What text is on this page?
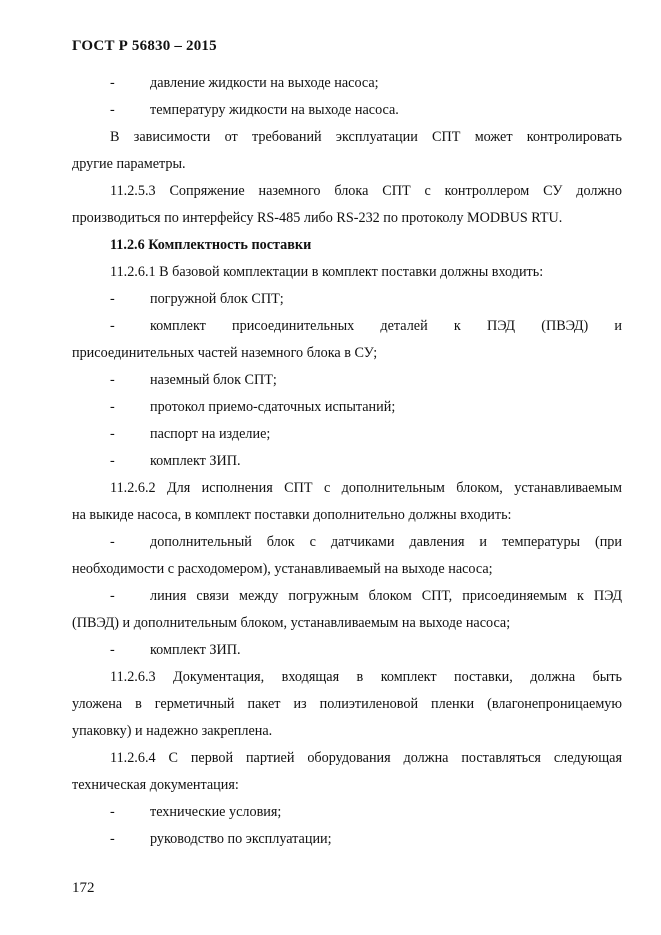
ГОСТ Р 56830 – 2015
- давление жидкости на выходе насоса;
- температуру жидкости на выходе насоса.
В зависимости от требований эксплуатации СПТ может контролировать
другие параметры.
11.2.5.3 Сопряжение наземного блока СПТ с контроллером СУ должно
производиться по интерфейсу RS-485 либо RS-232 по протоколу MODBUS RTU.
11.2.6 Комплектность поставки
11.2.6.1 В базовой комплектации в комплект поставки должны входить:
- погружной блок СПТ;
- комплект присоединительных деталей к ПЭД (ПВЭД) и
присоединительных частей наземного блока в СУ;
- наземный блок СПТ;
- протокол приемо-сдаточных испытаний;
- паспорт на изделие;
- комплект ЗИП.
11.2.6.2 Для исполнения СПТ с дополнительным блоком, устанавливаемым
на выкиде насоса, в комплект поставки дополнительно должны входить:
- дополнительный блок с датчиками давления и температуры (при
необходимости с расходомером), устанавливаемый на выходе насоса;
- линия связи между погружным блоком СПТ, присоединяемым к ПЭД
(ПВЭД) и дополнительным блоком, устанавливаемым на выходе насоса;
- комплект ЗИП.
11.2.6.3 Документация, входящая в комплект поставки, должна быть
уложена в герметичный пакет из полиэтиленовой пленки (влагонепроницаемую
упаковку) и надежно закреплена.
11.2.6.4 С первой партией оборудования должна поставляться следующая
техническая документация:
- технические условия;
- руководство по эксплуатации;
172
